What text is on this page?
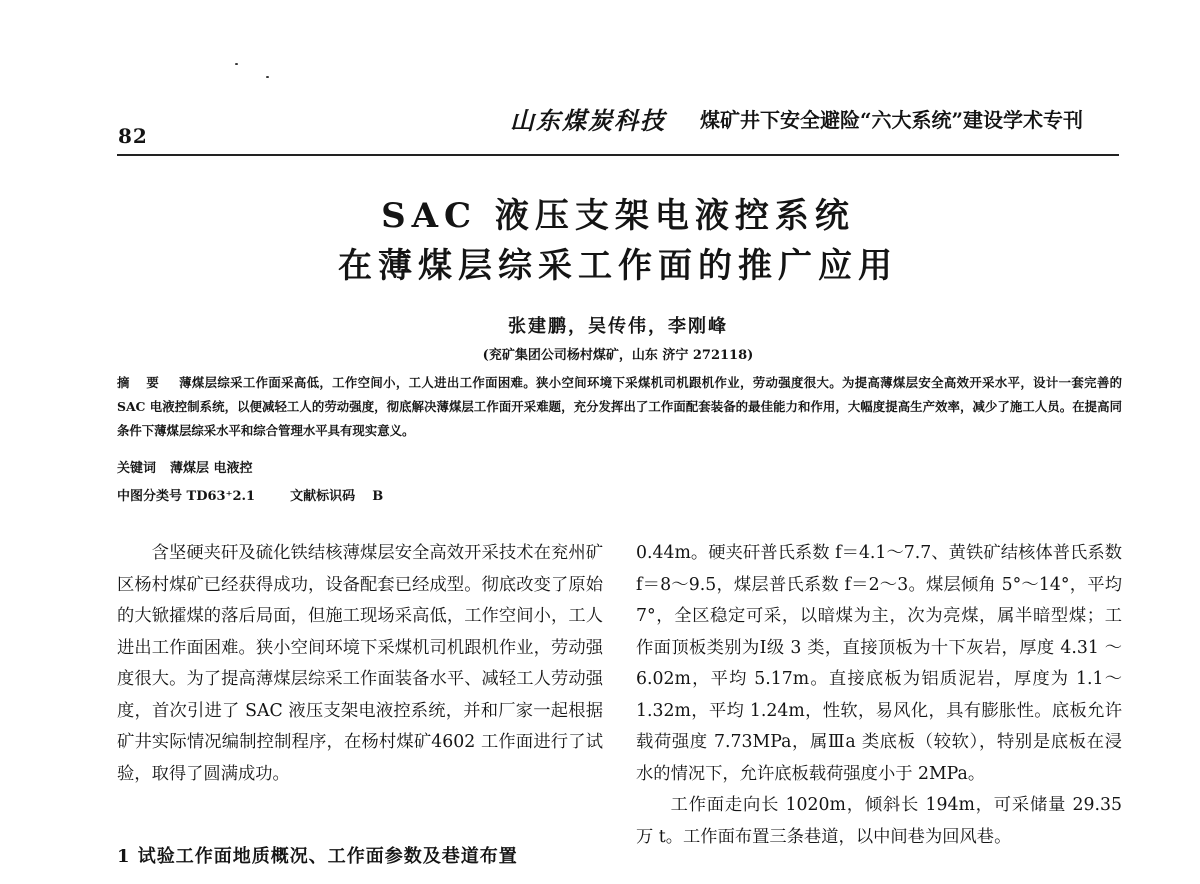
82
山东煤炭科技 煤矿井下安全避险“六大系统”建设学术专刊
SAC 液压支架电液控系统
在薄煤层综采工作面的推广应用
张建鹏，吴传伟，李刚峰
(兖矿集团公司杨村煤矿，山东 济宁 272118)
摘 要 薄煤层综采工作面采高低，工作空间小，工人进出工作面困难。狭小空间环境下采煤机司机跟机作业，劳动强度很大。为提高薄煤层安全高效开采水平，设计一套完善的 SAC 电液控制系统，以便减轻工人的劳动强度，彻底解决薄煤层工作面开采难题，充分发挥出了工作面配套装备的最佳能力和作用，大幅度提高生产效率，减少了施工人员。在提高同条件下薄煤层综采水平和综合管理水平具有现实意义。
关键词 薄煤层 电液控
中图分类号 TD63⁺2.1	文献标识码 B

含坚硬夹矸及硫化铁结核薄煤层安全高效开采技术在兖州矿区杨村煤矿已经获得成功，设备配套已经成型。彻底改变了原始的大锨攉煤的落后局面，但施工现场采高低，工作空间小，工人进出工作面困难。狭小空间环境下采煤机司机跟机作业，劳动强度很大。为了提高薄煤层综采工作面装备水平、减轻工人劳动强度，首次引进了 SAC 液压支架电液控系统，并和厂家一起根据矿井实际情况编制控制程序，在杨村煤矿4602 工作面进行了试验，取得了圆满成功。

1 试验工作面地质概况、工作面参数及巷道布置

0.44m。硬夹矸普氏系数 f＝4.1～7.7、黄铁矿结核体普氏系数 f＝8～9.5，煤层普氏系数 f＝2～3。煤层倾角 5°～14°，平均 7°，全区稳定可采，以暗煤为主，次为亮煤，属半暗型煤；工作面顶板类别为Ⅰ级 3 类，直接顶板为十下灰岩，厚度 4.31 ～6.02m，平均 5.17m。直接底板为铝质泥岩，厚度为 1.1～1.32m，平均 1.24m，性软，易风化，具有膨胀性。底板允许载荷强度 7.73MPa，属Ⅲa 类底板（较软），特别是底板在浸水的情况下，允许底板载荷强度小于 2MPa。

工作面走向长 1020m，倾斜长 194m，可采储量 29.35万 t。工作面布置三条巷道，以中间巷为回风巷。
